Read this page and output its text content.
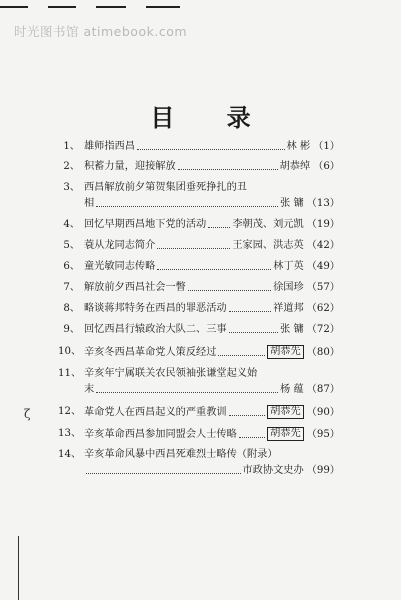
时光图书馆 atimebook.com
目 录
1、 雄师指西昌	林 彬 （1）
2、 积蓄力量，迎接解放	胡恭绰 （6）
3、 西昌解放前夕第贺集团垂死挣扎的丑
相	张 镛 （13）
4、 回忆早期西昌地下党的活动	李朝茂、刘元凯 （19）
5、 蓑从龙同志简介	王家园、洪志英 （42）
6、 童光敏同志传略	林丁英 （49）
7、 解放前夕西昌社会一瞥	徐国珍 （57）
8、 略谈蒋邦特务在西昌的罪恶活动	祥道邦 （62）
9、 回忆西昌行辕政治大队二、三事	张 镛 （72）
10、 辛亥冬西昌革命党人策反经过	胡恭先 （80）
11、 辛亥年宁属联关农民领袖张谦堂起义始
末	杨 蕴 （87）
12、 革命党人在西昌起义的严重教训	胡恭先 （90）
13、 辛亥革命西昌参加同盟会人士传略	胡恭先 （95）
14、 辛亥革命风暴中西昌死难烈士略传（附录）
市政协文史办 （99）
ζ
